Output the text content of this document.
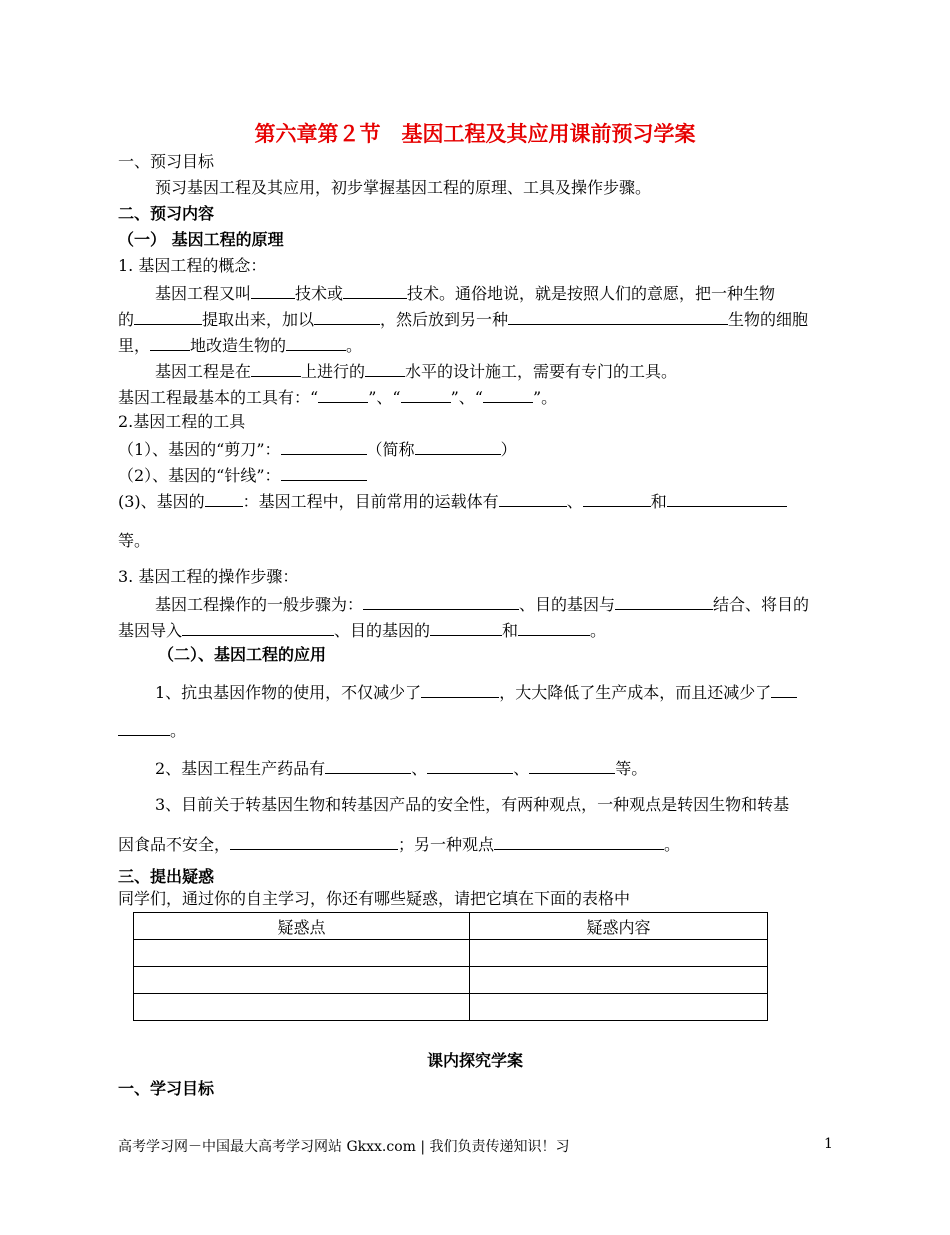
第六章第２节　基因工程及其应用课前预习学案
一、预习目标
预习基因工程及其应用，初步掌握基因工程的原理、工具及操作步骤。
二、预习内容
（一） 基因工程的原理
1. 基因工程的概念：
基因工程又叫	技术或	技术。通俗地说，就是按照人们的意愿，把一种生物
的	提取出来，加以	，然后放到另一种	生物的细胞
里，	地改造生物的	。
基因工程是在	上进行的	水平的设计施工，需要有专门的工具。
基因工程最基本的工具有：“	”、“	”、“	”。
2.基因工程的工具
（1）、基因的“剪刀”：	（简称	）
（2）、基因的“针线”：
(3)、基因的 ：基因工程中，目前常用的运载体有	、	和
等。
3. 基因工程的操作步骤：
基因工程操作的一般步骤为：	、目的基因与	结合、将目的
基因导入	、目的基因的	和	。
（二）、基因工程的应用
1、抗虫基因作物的使用，不仅减少了	，大大降低了生产成本，而且还减少了
。
2、基因工程生产药品有	、	、	等。
3、目前关于转基因生物和转基因产品的安全性，有两种观点，一种观点是转因生物和转基
因食品不安全，	；另一种观点	。
三、提出疑惑
同学们，通过你的自主学习，你还有哪些疑惑，请把它填在下面的表格中
疑惑点	疑惑内容

课内探究学案
一、学习目标
高考学习网－中国最大高考学习网站 Gkxx.com | 我们负责传递知识！习	1
